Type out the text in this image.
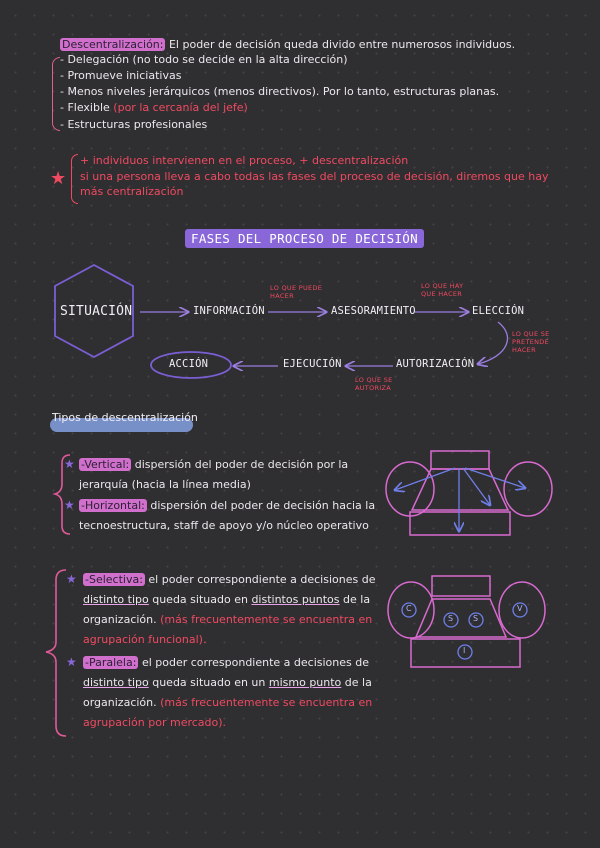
Descentralización: El poder de decisión queda divido entre numerosos individuos.
- Delegación (no todo se decide en la alta dirección)
- Promueve iniciativas
- Menos niveles jerárquicos (menos directivos). Por lo tanto, estructuras planas.
- Flexible (por la cercanía del jefe)
- Estructuras profesionales
★
+ individuos intervienen en el proceso, + descentralización
si una persona lleva a cabo todas las fases del proceso de decisión, diremos que hay más centralización
FASES DEL PROCESO DE DECISIÓN
SITUACIÓN	INFORMACIÓN	ASESORAMIENTO	ELECCIÓN
AUTORIZACIÓN
EJECUCIÓN
ACCIÓN
LO QUE PUEDE
HACER
LO QUE HAY
QUE HACER
LO QUE SE
PRETENDE
HACER
LO QUE SE
AUTORIZA
Tipos de descentralización
★ -Vertical: dispersión del poder de decisión por la
jerarquía (hacia la línea media)
★ -Horizontal: dispersión del poder de decisión hacia la
tecnoestructura, staff de apoyo y/o núcleo operativo
★ -Selectiva: el poder correspondiente a decisiones de
distinto tipo queda situado en distintos puntos de la
organización. (más frecuentemente se encuentra en
agrupación funcional).
★ -Paralela: el poder correspondiente a decisiones de
distinto tipo queda situado en un mismo punto de la
organización. (más frecuentemente se encuentra en
agrupación por mercado).
C	V
S S
I
